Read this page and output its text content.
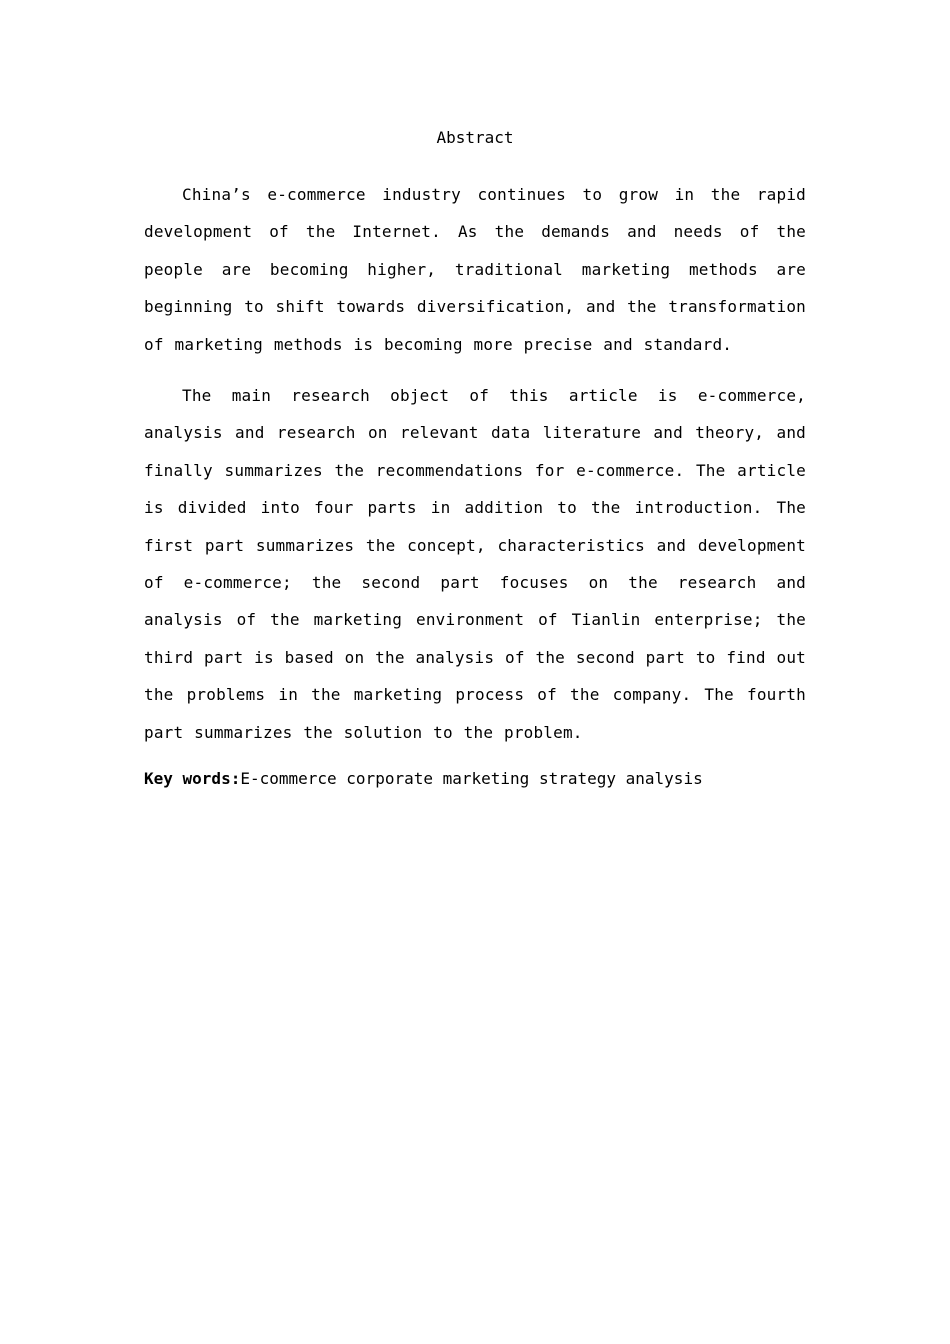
Abstract

China’s e-commerce industry continues to grow in the rapid development of the Internet. As the demands and needs of the people are becoming higher, traditional marketing methods are beginning to shift towards diversification, and the transformation of marketing methods is becoming more precise and standard.

The main research object of this article is e-commerce, analysis and research on relevant data literature and theory, and finally summarizes the recommendations for e-commerce. The article is divided into four parts in addition to the introduction. The first part summarizes the concept, characteristics and development of e-commerce; the second part focuses on the research and analysis of the marketing environment of Tianlin enterprise; the third part is based on the analysis of the second part to find out the problems in the marketing process of the company. The fourth part summarizes the solution to the problem.

Key words:E-commerce corporate marketing strategy analysis
